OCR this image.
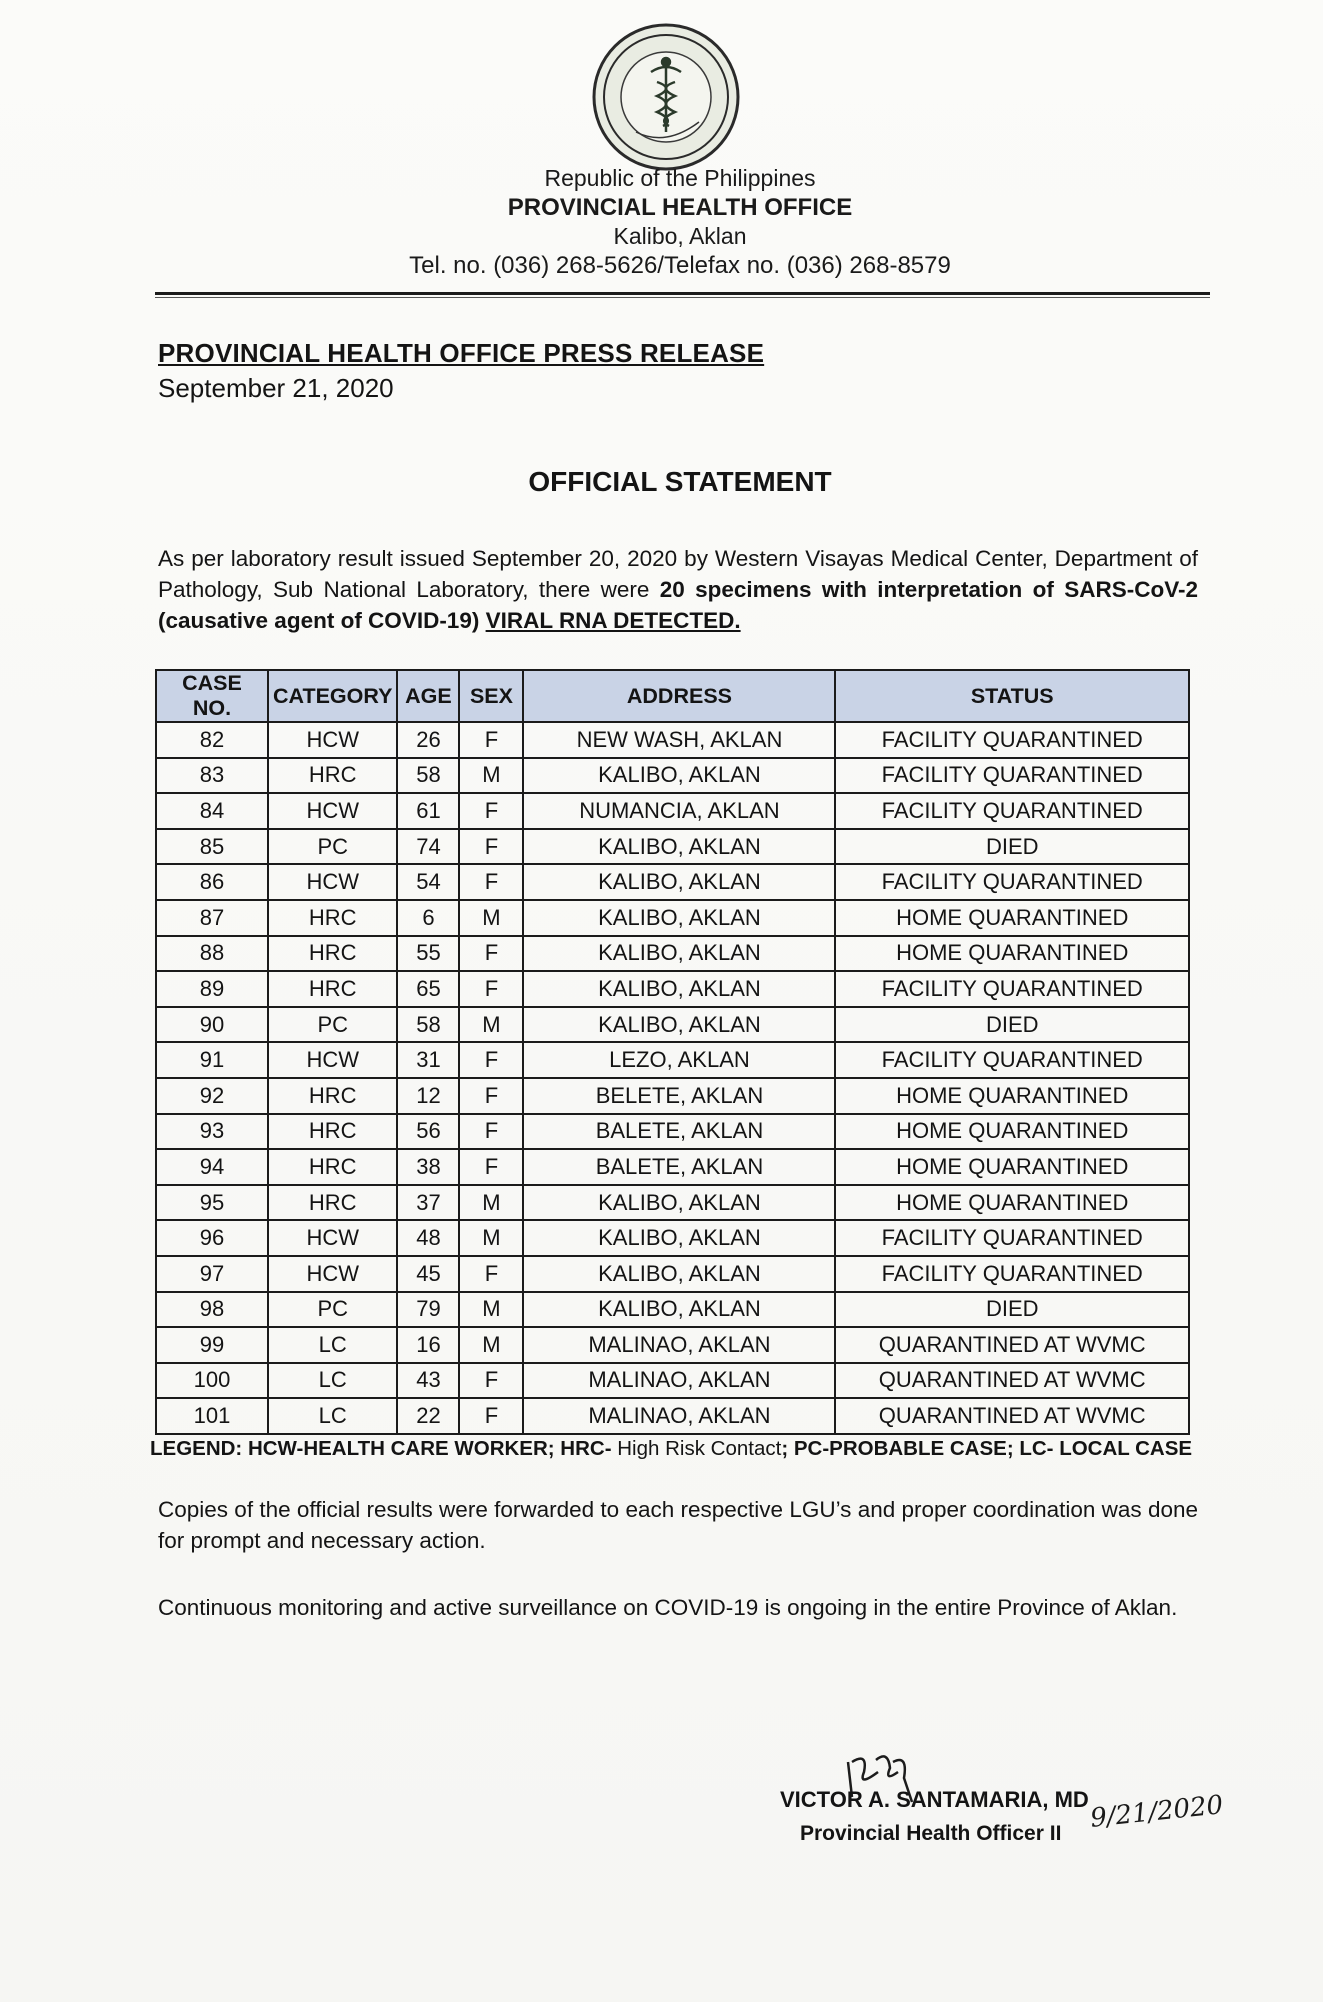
Republic of the Philippines
PROVINCIAL HEALTH OFFICE
Kalibo, Aklan
Tel. no. (036) 268-5626/Telefax no. (036) 268-8579
PROVINCIAL HEALTH OFFICE PRESS RELEASE
September 21, 2020
OFFICIAL STATEMENT
As per laboratory result issued September 20, 2020 by Western Visayas Medical Center, Department of Pathology, Sub National Laboratory, there were 20 specimens with interpretation of SARS-CoV-2 (causative agent of COVID-19) VIRAL RNA DETECTED.
CASE NO.	CATEGORY	AGE	SEX	ADDRESS	STATUS
82	HCW	26	F	NEW WASH, AKLAN	FACILITY QUARANTINED
83	HRC	58	M	KALIBO, AKLAN	FACILITY QUARANTINED
84	HCW	61	F	NUMANCIA, AKLAN	FACILITY QUARANTINED
85	PC	74	F	KALIBO, AKLAN	DIED
86	HCW	54	F	KALIBO, AKLAN	FACILITY QUARANTINED
87	HRC	6	M	KALIBO, AKLAN	HOME QUARANTINED
88	HRC	55	F	KALIBO, AKLAN	HOME QUARANTINED
89	HRC	65	F	KALIBO, AKLAN	FACILITY QUARANTINED
90	PC	58	M	KALIBO, AKLAN	DIED
91	HCW	31	F	LEZO, AKLAN	FACILITY QUARANTINED
92	HRC	12	F	BELETE, AKLAN	HOME QUARANTINED
93	HRC	56	F	BALETE, AKLAN	HOME QUARANTINED
94	HRC	38	F	BALETE, AKLAN	HOME QUARANTINED
95	HRC	37	M	KALIBO, AKLAN	HOME QUARANTINED
96	HCW	48	M	KALIBO, AKLAN	FACILITY QUARANTINED
97	HCW	45	F	KALIBO, AKLAN	FACILITY QUARANTINED
98	PC	79	M	KALIBO, AKLAN	DIED
99	LC	16	M	MALINAO, AKLAN	QUARANTINED AT WVMC
100	LC	43	F	MALINAO, AKLAN	QUARANTINED AT WVMC
101	LC	22	F	MALINAO, AKLAN	QUARANTINED AT WVMC
LEGEND: HCW-HEALTH CARE WORKER; HRC- High Risk Contact; PC-PROBABLE CASE; LC- LOCAL CASE
Copies of the official results were forwarded to each respective LGU’s and proper coordination was done for prompt and necessary action.
Continuous monitoring and active surveillance on COVID-19 is ongoing in the entire Province of Aklan.
VICTOR A. SANTAMARIA, MD
Provincial Health Officer II 9/21/2020
